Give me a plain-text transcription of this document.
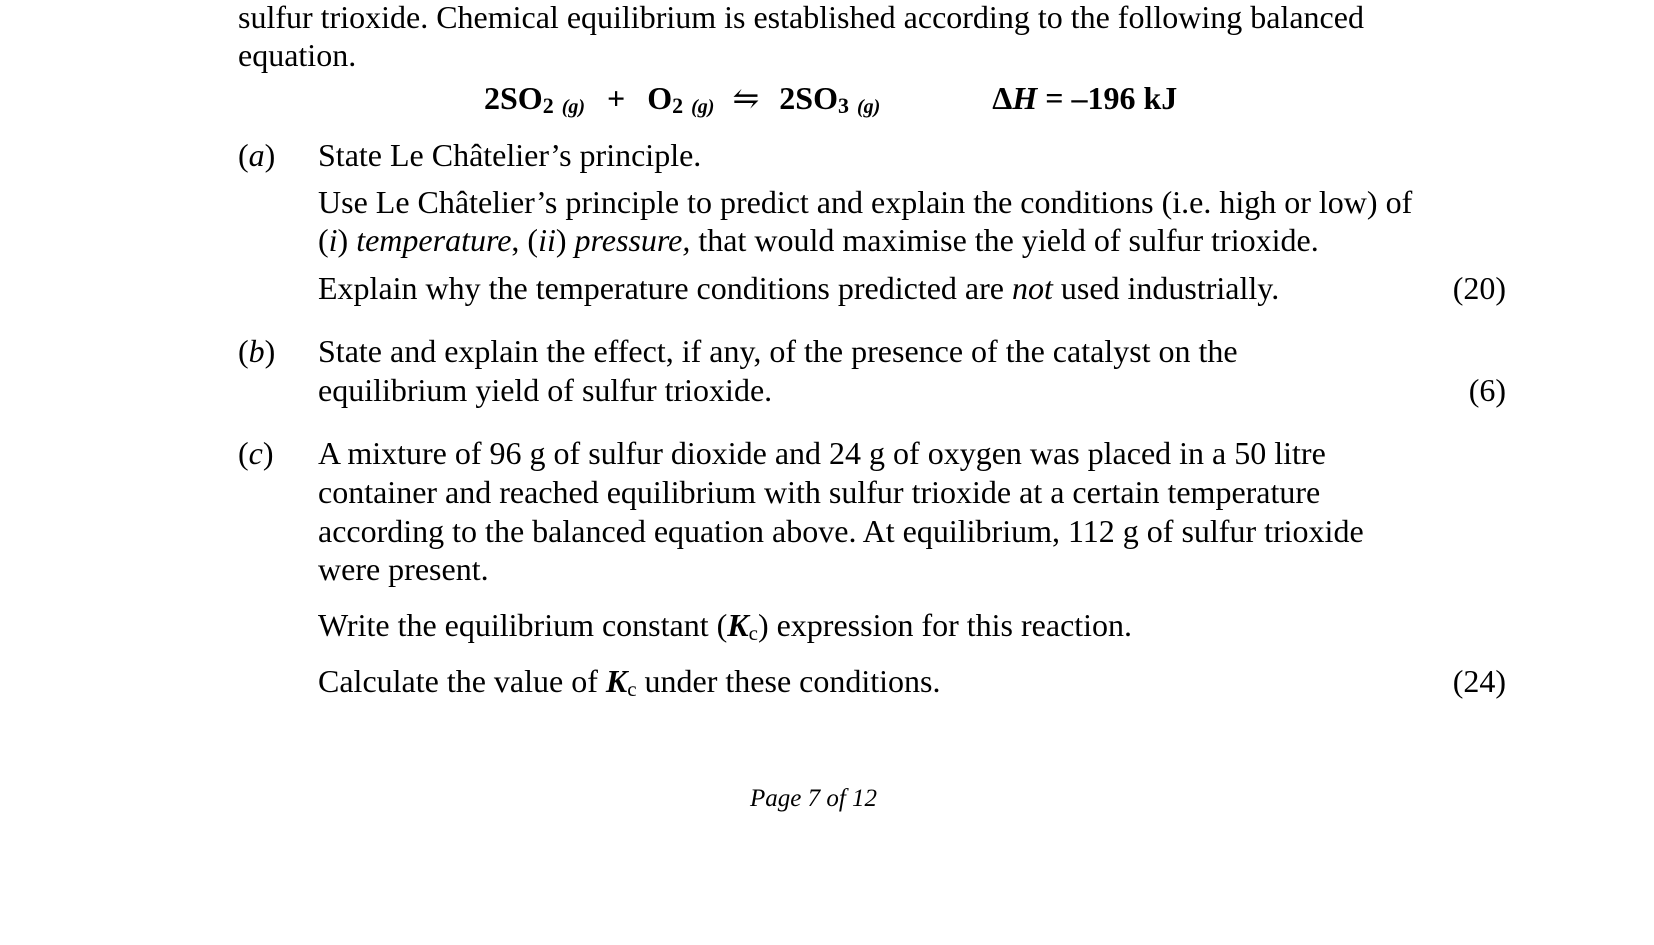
sulfur trioxide. Chemical equilibrium is established according to the following balanced
equation.
2SO2 (g) + O2 (g) ⇋ 2SO3 (g)	ΔH = –196 kJ
(a) State Le Châtelier’s principle.
Use Le Châtelier’s principle to predict and explain the conditions (i.e. high or low) of
(i) temperature, (ii) pressure, that would maximise the yield of sulfur trioxide.
Explain why the temperature conditions predicted are not used industrially.	(20)
(b) State and explain the effect, if any, of the presence of the catalyst on the
equilibrium yield of sulfur trioxide.	(6)
(c) A mixture of 96 g of sulfur dioxide and 24 g of oxygen was placed in a 50 litre
container and reached equilibrium with sulfur trioxide at a certain temperature
according to the balanced equation above. At equilibrium, 112 g of sulfur trioxide
were present.
Write the equilibrium constant (Kc) expression for this reaction.
Calculate the value of Kc under these conditions.	(24)
Page 7 of 12
